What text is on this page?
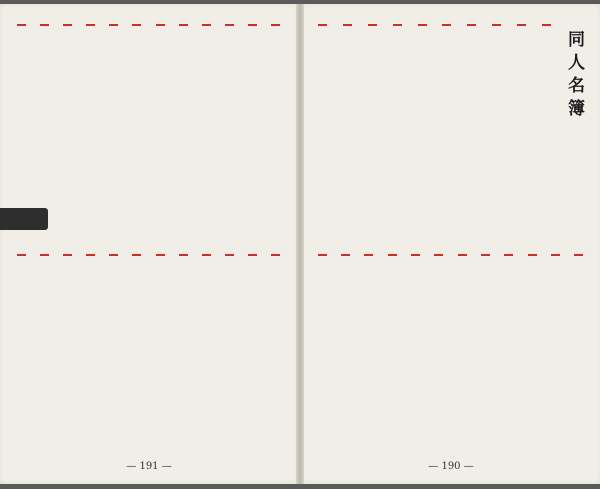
— 191 —
同人名簿
— 190 —
